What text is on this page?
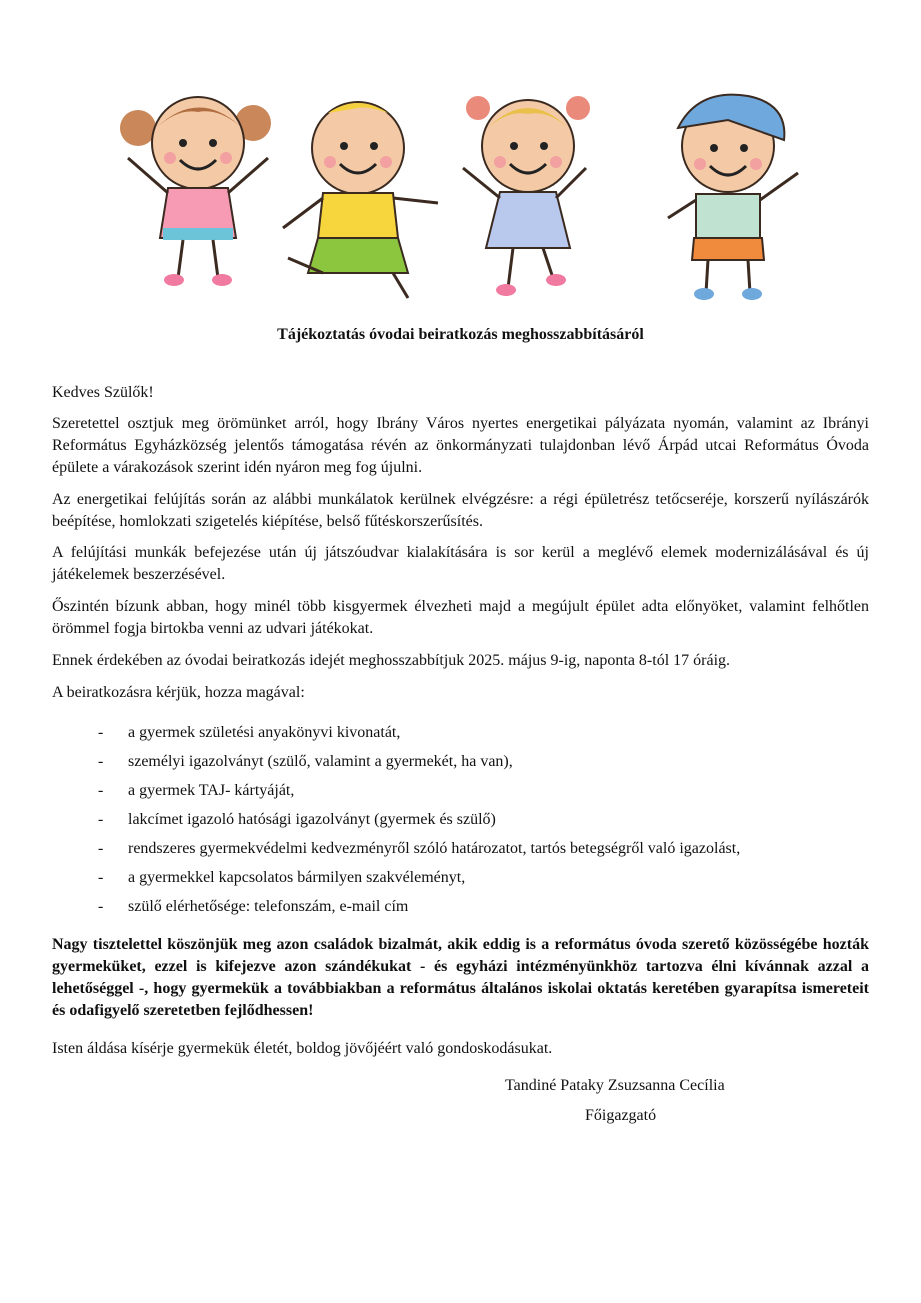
Tájékoztatás óvodai beiratkozás meghosszabbításáról
Kedves Szülők!
Szeretettel osztjuk meg örömünket arról, hogy Ibrány Város nyertes energetikai pályázata nyomán, valamint az Ibrányi Református Egyházközség jelentős támogatása révén az önkormányzati tulajdonban lévő Árpád utcai Református Óvoda épülete a várakozások szerint idén nyáron meg fog újulni.
Az energetikai felújítás során az alábbi munkálatok kerülnek elvégzésre: a régi épületrész tetőcseréje, korszerű nyílászárók beépítése, homlokzati szigetelés kiépítése, belső fűtéskorszerűsítés.
A felújítási munkák befejezése után új játszóudvar kialakítására is sor kerül a meglévő elemek modernizálásával és új játékelemek beszerzésével.
Őszintén bízunk abban, hogy minél több kisgyermek élvezheti majd a megújult épület adta előnyöket, valamint felhőtlen örömmel fogja birtokba venni az udvari játékokat.
Ennek érdekében az óvodai beiratkozás idejét meghosszabbítjuk 2025. május 9-ig, naponta 8-tól 17 óráig.
A beiratkozásra kérjük, hozza magával:
- a gyermek születési anyakönyvi kivonatát,
- személyi igazolványt (szülő, valamint a gyermekét, ha van),
- a gyermek TAJ- kártyáját,
- lakcímet igazoló hatósági igazolványt (gyermek és szülő)
- rendszeres gyermekvédelmi kedvezményről szóló határozatot, tartós betegségről való igazolást,
- a gyermekkel kapcsolatos bármilyen szakvéleményt,
- szülő elérhetősége: telefonszám, e-mail cím
Nagy tisztelettel köszönjük meg azon családok bizalmát, akik eddig is a református óvoda szerető közösségébe hozták gyermeküket, ezzel is kifejezve azon szándékukat - és egyházi intézményünkhöz tartozva élni kívánnak azzal a lehetőséggel -, hogy gyermekük a továbbiakban a református általános iskolai oktatás keretében gyarapítsa ismereteit és odafigyelő szeretetben fejlődhessen!
Isten áldása kísérje gyermekük életét, boldog jövőjéért való gondoskodásukat.
Tandiné Pataky Zsuzsanna Cecília
Főigazgató
